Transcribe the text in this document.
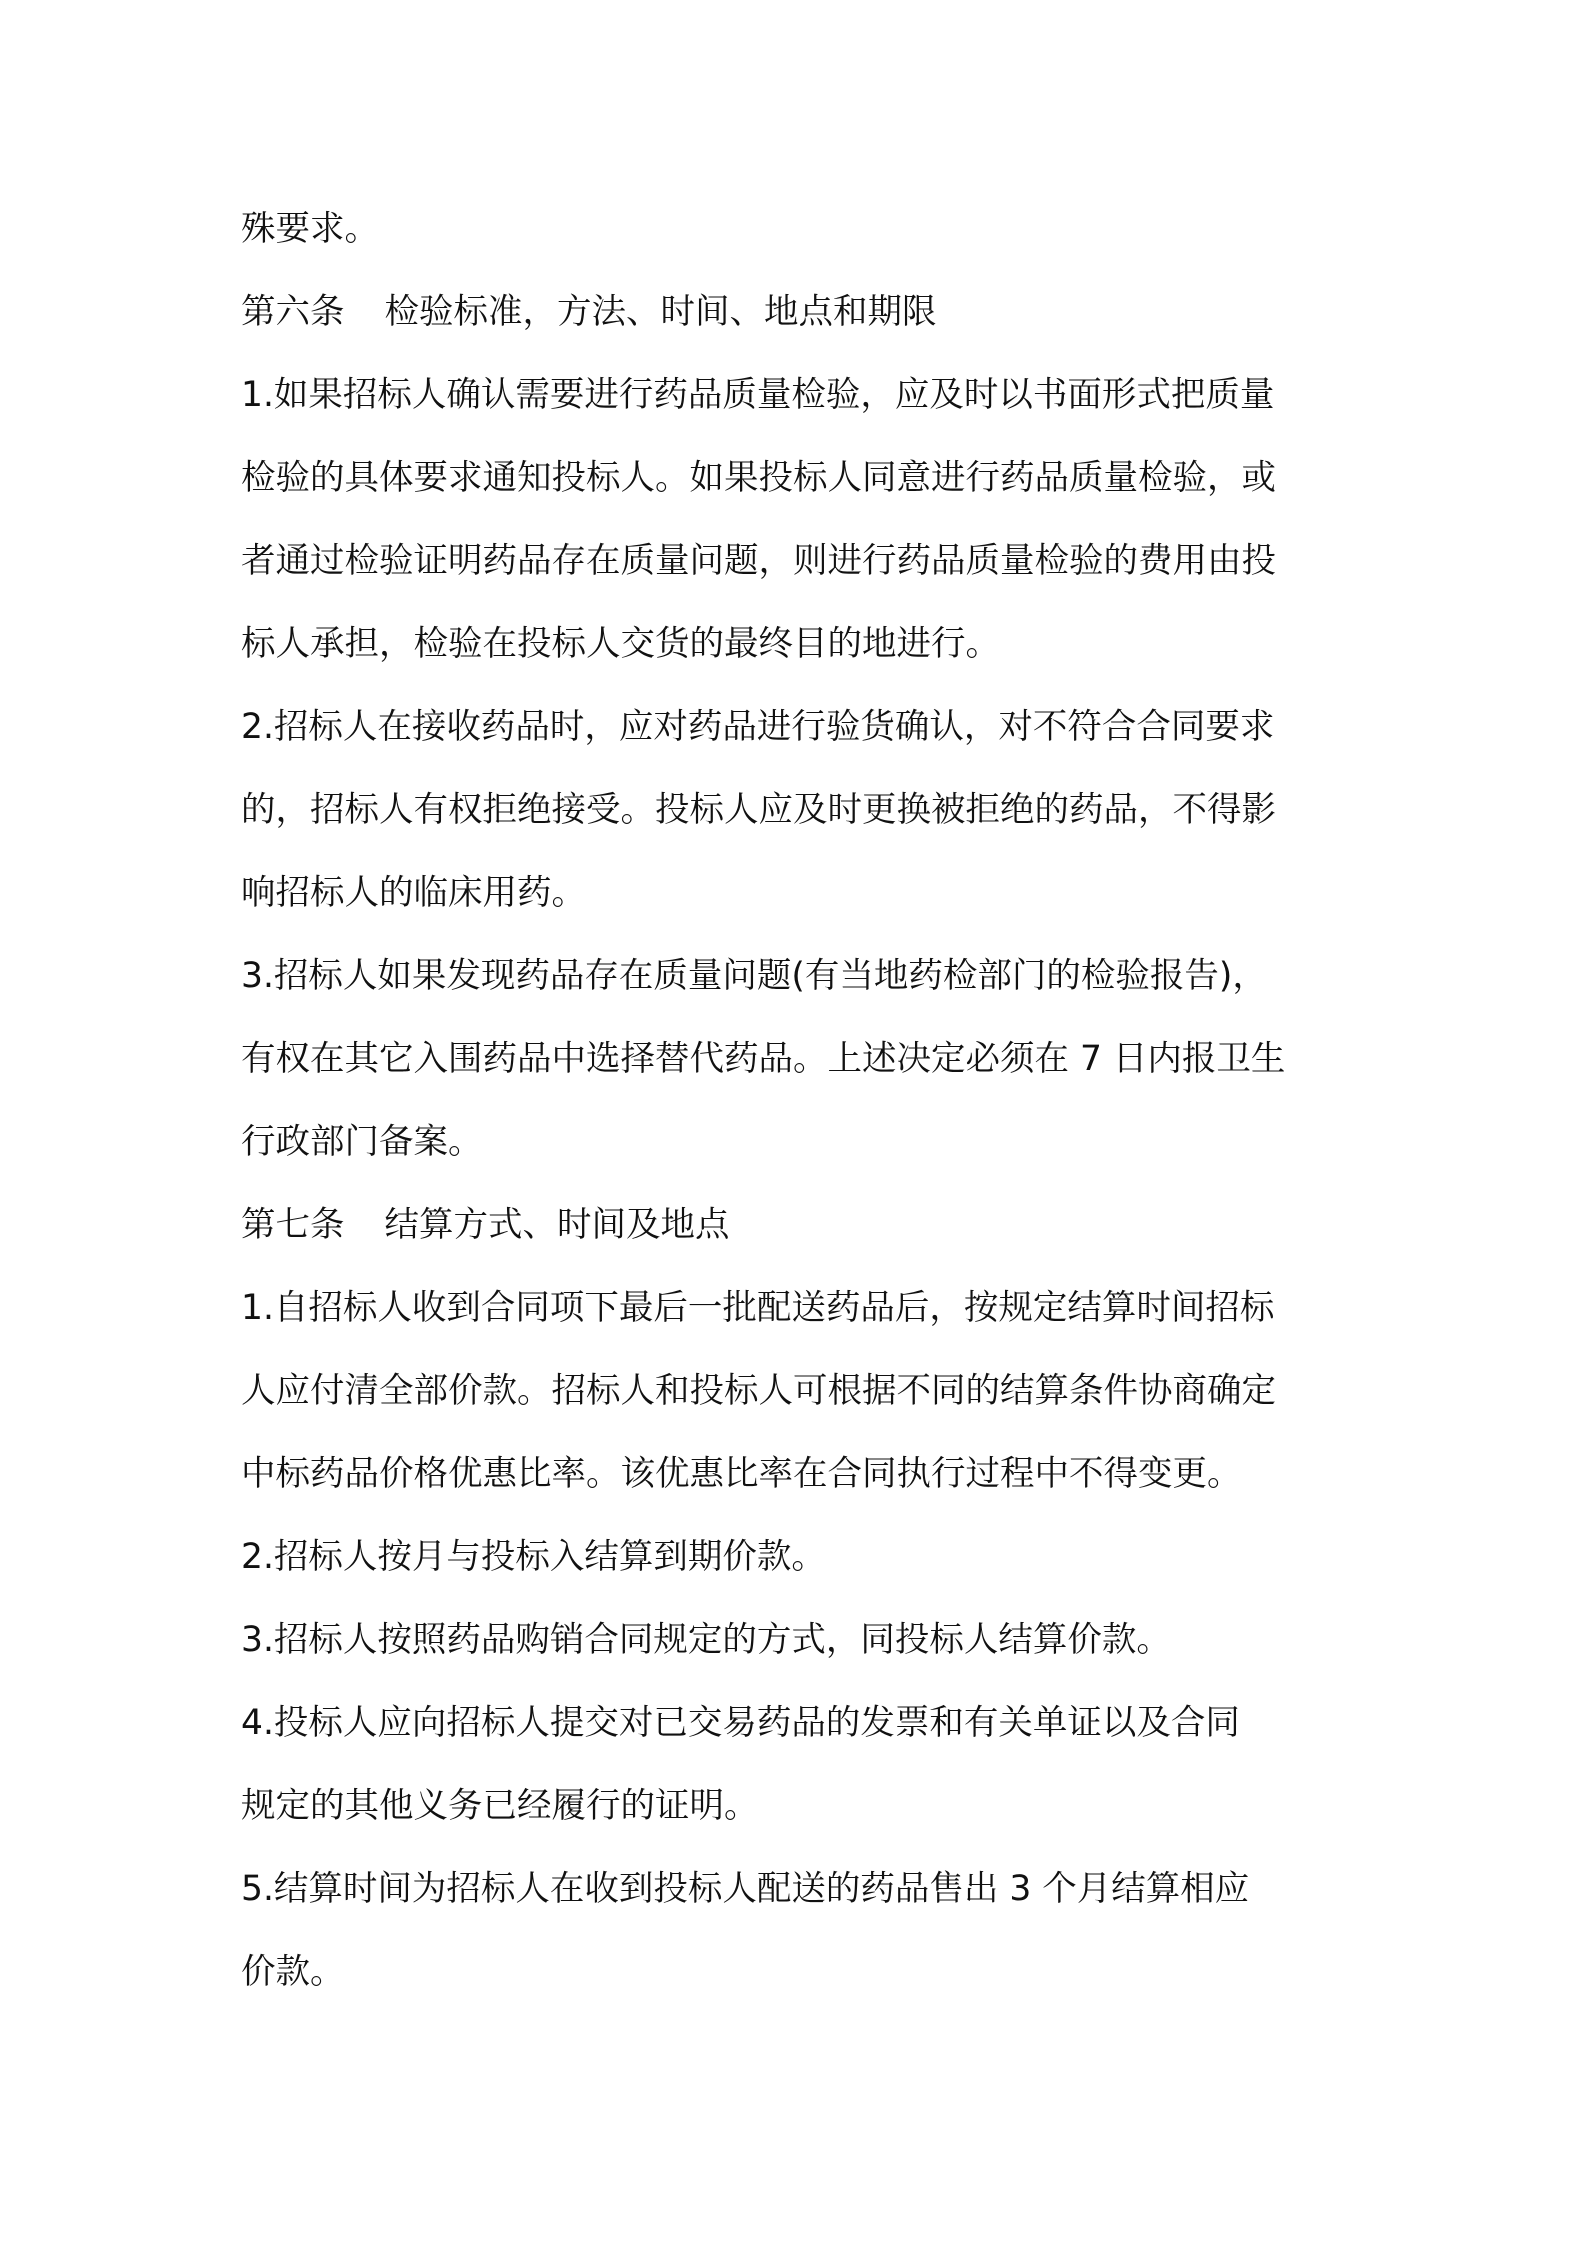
殊要求。
第六条 检验标准，方法、时间、地点和期限
1.如果招标人确认需要进行药品质量检验，应及时以书面形式把质量
检验的具体要求通知投标人。如果投标人同意进行药品质量检验，或
者通过检验证明药品存在质量问题，则进行药品质量检验的费用由投
标人承担，检验在投标人交货的最终目的地进行。
2.招标人在接收药品时，应对药品进行验货确认，对不符合合同要求
的，招标人有权拒绝接受。投标人应及时更换被拒绝的药品，不得影
响招标人的临床用药。
3.招标人如果发现药品存在质量问题(有当地药检部门的检验报告)，
有权在其它入围药品中选择替代药品。上述决定必须在 7 日内报卫生
行政部门备案。
第七条 结算方式、时间及地点
1.自招标人收到合同项下最后一批配送药品后，按规定结算时间招标
人应付清全部价款。招标人和投标人可根据不同的结算条件协商确定
中标药品价格优惠比率。该优惠比率在合同执行过程中不得变更。
2.招标人按月与投标入结算到期价款。
3.招标人按照药品购销合同规定的方式，同投标人结算价款。
4.投标人应向招标人提交对已交易药品的发票和有关单证以及合同
规定的其他义务已经履行的证明。
5.结算时间为招标人在收到投标人配送的药品售出 3 个月结算相应
价款。
